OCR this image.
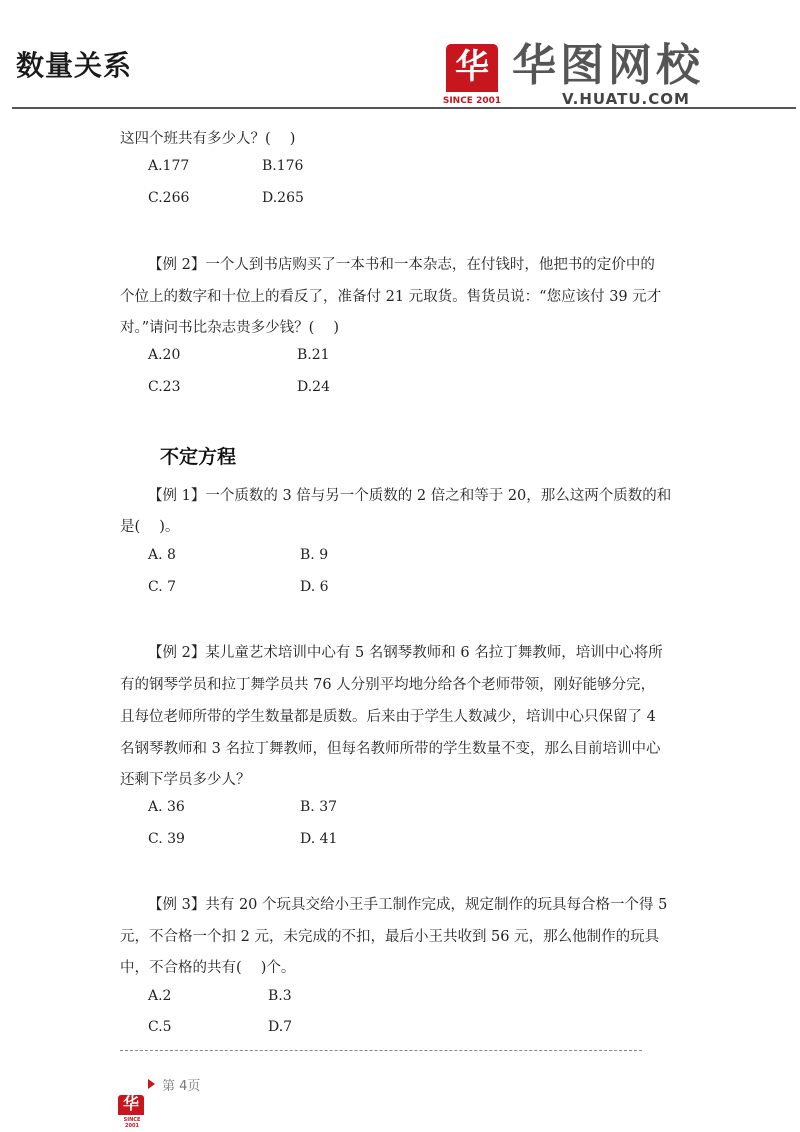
数量关系	华
SINCE 2001
华图网校
V.HUATU.COM
这四个班共有多少人？(　 )
A.177	B.176
C.266	D.265
【例 2】一个人到书店购买了一本书和一本杂志，在付钱时，他把书的定价中的
个位上的数字和十位上的看反了，准备付 21 元取货。售货员说：“您应该付 39 元才
对。”请问书比杂志贵多少钱？(　 )
A.20	B.21
C.23	D.24
不定方程
【例 1】一个质数的 3 倍与另一个质数的 2 倍之和等于 20，那么这两个质数的和
是(　 )。
A. 8	B. 9
C. 7	D. 6
【例 2】某儿童艺术培训中心有 5 名钢琴教师和 6 名拉丁舞教师，培训中心将所
有的钢琴学员和拉丁舞学员共 76 人分别平均地分给各个老师带领，刚好能够分完，
且每位老师所带的学生数量都是质数。后来由于学生人数减少，培训中心只保留了 4
名钢琴教师和 3 名拉丁舞教师，但每名教师所带的学生数量不变，那么目前培训中心
还剩下学员多少人？
A. 36	B. 37
C. 39	D. 41
【例 3】共有 20 个玩具交给小王手工制作完成，规定制作的玩具每合格一个得 5
元，不合格一个扣 2 元，未完成的不扣，最后小王共收到 56 元，那么他制作的玩具
中，不合格的共有(　 )个。
A.2	B.3
C.5	D.7
第 4页
华
SINCE 2001
